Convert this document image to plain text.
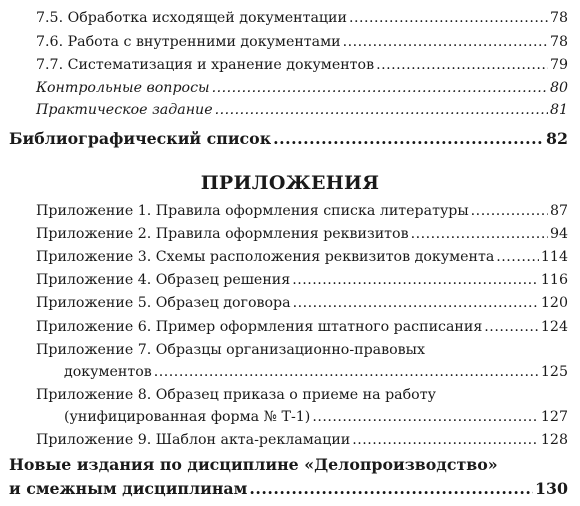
7.5. Обработка исходящей документации .....	78
7.6. Работа с внутренними документами .....	78
7.7. Систематизация и хранение документов .....	79
Контрольные вопросы .....	80
Практическое задание .....	81
Библиографический список .....	82
ПРИЛОЖЕНИЯ
Приложение 1. Правила оформления списка литературы .....	87
Приложение 2. Правила оформления реквизитов .....	94
Приложение 3. Схемы расположения реквизитов документа .....	114
Приложение 4. Образец решения .....	116
Приложение 5. Образец договора .....	120
Приложение 6. Пример оформления штатного расписания .....	124
Приложение 7. Образцы организационно-правовых
документов .....	125
Приложение 8. Образец приказа о приеме на работу
(унифицированная форма № Т-1) .....	127
Приложение 9. Шаблон акта-рекламации .....	128
Новые издания по дисциплине «Делопроизводство»
и смежным дисциплинам .....	130
